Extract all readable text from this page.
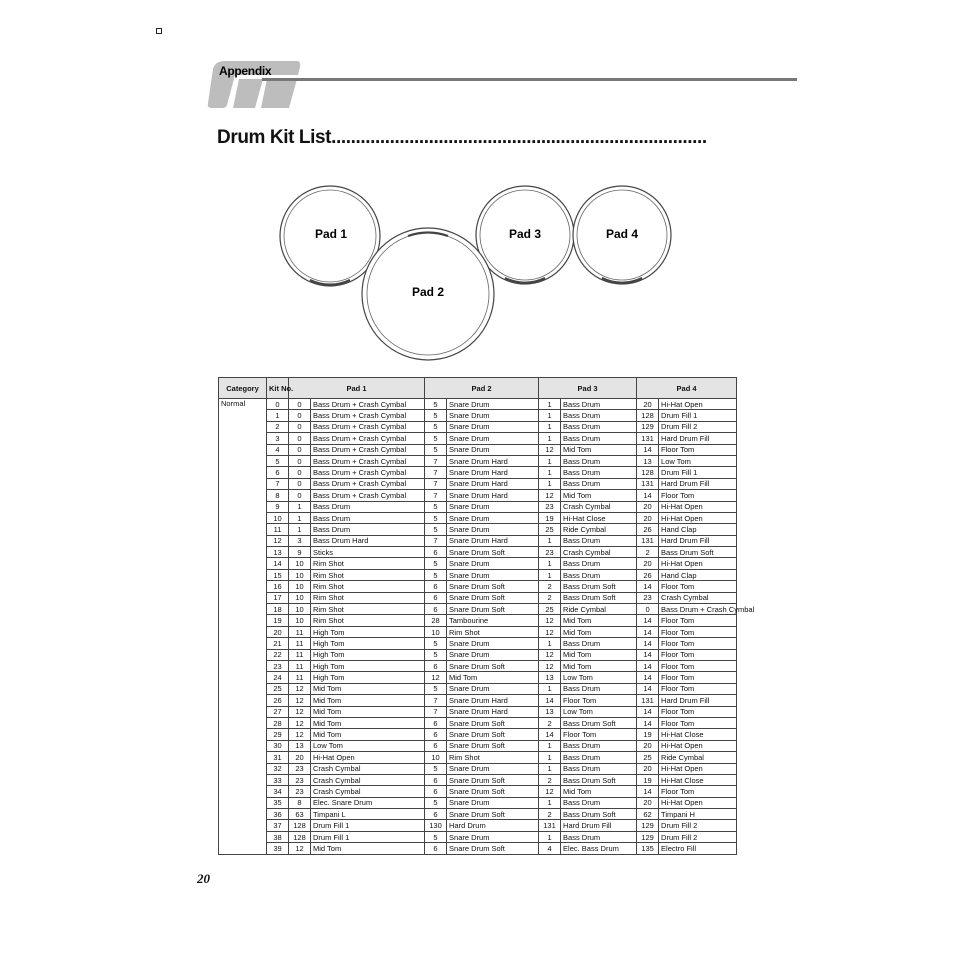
Appendix
Drum Kit List.............................................................................
Pad 1	Pad 3	Pad 4
Pad 2
Category	Kit No.	Pad 1		Pad 2		Pad 3		Pad 4	
Normal	0	0	Bass Drum + Crash Cymbal	5	Snare Drum	1	Bass Drum	20	Hi-Hat Open
	1	0	Bass Drum + Crash Cymbal	5	Snare Drum	1	Bass Drum	128	Drum Fill 1
	2	0	Bass Drum + Crash Cymbal	5	Snare Drum	1	Bass Drum	129	Drum Fill 2
	3	0	Bass Drum + Crash Cymbal	5	Snare Drum	1	Bass Drum	131	Hard Drum Fill
	4	0	Bass Drum + Crash Cymbal	5	Snare Drum	12	Mid Tom	14	Floor Tom
	5	0	Bass Drum + Crash Cymbal	7	Snare Drum Hard	1	Bass Drum	13	Low Tom
	6	0	Bass Drum + Crash Cymbal	7	Snare Drum Hard	1	Bass Drum	128	Drum Fill 1
	7	0	Bass Drum + Crash Cymbal	7	Snare Drum Hard	1	Bass Drum	131	Hard Drum Fill
	8	0	Bass Drum + Crash Cymbal	7	Snare Drum Hard	12	Mid Tom	14	Floor Tom
	9	1	Bass Drum	5	Snare Drum	23	Crash Cymbal	20	Hi-Hat Open
	10	1	Bass Drum	5	Snare Drum	19	Hi-Hat Close	20	Hi-Hat Open
	11	1	Bass Drum	5	Snare Drum	25	Ride Cymbal	26	Hand Clap
	12	3	Bass Drum Hard	7	Snare Drum Hard	1	Bass Drum	131	Hard Drum Fill
	13	9	Sticks	6	Snare Drum Soft	23	Crash Cymbal	2	Bass Drum Soft
	14	10	Rim Shot	5	Snare Drum	1	Bass Drum	20	Hi-Hat Open
	15	10	Rim Shot	5	Snare Drum	1	Bass Drum	26	Hand Clap
	16	10	Rim Shot	6	Snare Drum Soft	2	Bass Drum Soft	14	Floor Tom
	17	10	Rim Shot	6	Snare Drum Soft	2	Bass Drum Soft	23	Crash Cymbal
	18	10	Rim Shot	6	Snare Drum Soft	25	Ride Cymbal	0	Bass Drum + Crash Cymbal
	19	10	Rim Shot	28	Tambourine	12	Mid Tom	14	Floor Tom
	20	11	High Tom	10	Rim Shot	12	Mid Tom	14	Floor Tom
	21	11	High Tom	5	Snare Drum	1	Bass Drum	14	Floor Tom
	22	11	High Tom	5	Snare Drum	12	Mid Tom	14	Floor Tom
	23	11	High Tom	6	Snare Drum Soft	12	Mid Tom	14	Floor Tom
	24	11	High Tom	12	Mid Tom	13	Low Tom	14	Floor Tom
	25	12	Mid Tom	5	Snare Drum	1	Bass Drum	14	Floor Tom
	26	12	Mid Tom	7	Snare Drum Hard	14	Floor Tom	131	Hard Drum Fill
	27	12	Mid Tom	7	Snare Drum Hard	13	Low Tom	14	Floor Tom
	28	12	Mid Tom	6	Snare Drum Soft	2	Bass Drum Soft	14	Floor Tom
	29	12	Mid Tom	6	Snare Drum Soft	14	Floor Tom	19	Hi-Hat Close
	30	13	Low Tom	6	Snare Drum Soft	1	Bass Drum	20	Hi-Hat Open
	31	20	Hi-Hat Open	10	Rim Shot	1	Bass Drum	25	Ride Cymbal
	32	23	Crash Cymbal	5	Snare Drum	1	Bass Drum	20	Hi-Hat Open
	33	23	Crash Cymbal	6	Snare Drum Soft	2	Bass Drum Soft	19	Hi-Hat Close
	34	23	Crash Cymbal	6	Snare Drum Soft	12	Mid Tom	14	Floor Tom
	35	8	Elec. Snare Drum	5	Snare Drum	1	Bass Drum	20	Hi-Hat Open
	36	63	Timpani L	6	Snare Drum Soft	2	Bass Drum Soft	62	Timpani H
	37	128	Drum Fill 1	130	Hard Drum	131	Hard Drum Fill	129	Drum Fill 2
	38	128	Drum Fill 1	5	Snare Drum	1	Bass Drum	129	Drum Fill 2
	39	12	Mid Tom	6	Snare Drum Soft	4	Elec. Bass Drum	135	Electro Fill
20
